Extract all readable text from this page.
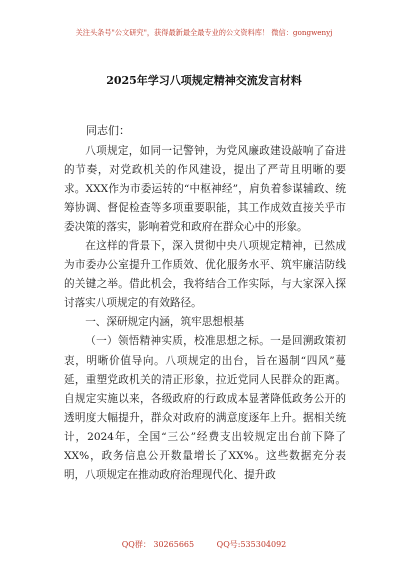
关注头条号"公文研究"，获得最新最全最专业的公文资料库！ 微信：gongwenyj
2025年学习八项规定精神交流发言材料
同志们：

八项规定，如同一记警钟，为党风廉政建设敲响了奋进的节奏，对党政机关的作风建设，提出了严苛且明晰的要求。XXX作为市委运转的“中枢神经”，肩负着参谋辅政、统筹协调、督促检查等多项重要职能，其工作成效直接关乎市委决策的落实，影响着党和政府在群众心中的形象。

在这样的背景下，深入贯彻中央八项规定精神，已然成为市委办公室提升工作质效、优化服务水平、筑牢廉洁防线的关键之举。借此机会，我将结合工作实际，与大家深入探讨落实八项规定的有效路径。

一、深研规定内涵，筑牢思想根基

（一）领悟精神实质，校准思想之标。一是回溯政策初衷，明晰价值导向。八项规定的出台，旨在遏制“四风”蔓延，重塑党政机关的清正形象，拉近党同人民群众的距离。自规定实施以来，各级政府的行政成本显著降低政务公开的透明度大幅提升，群众对政府的满意度逐年上升。据相关统计，2024年，全国“三公”经费支出较规定出台前下降了XX%，政务信息公开数量增长了XX%。这些数据充分表明，八项规定在推动政府治理现代化、提升政

QQ群： 30265665	QQ号:535304092
